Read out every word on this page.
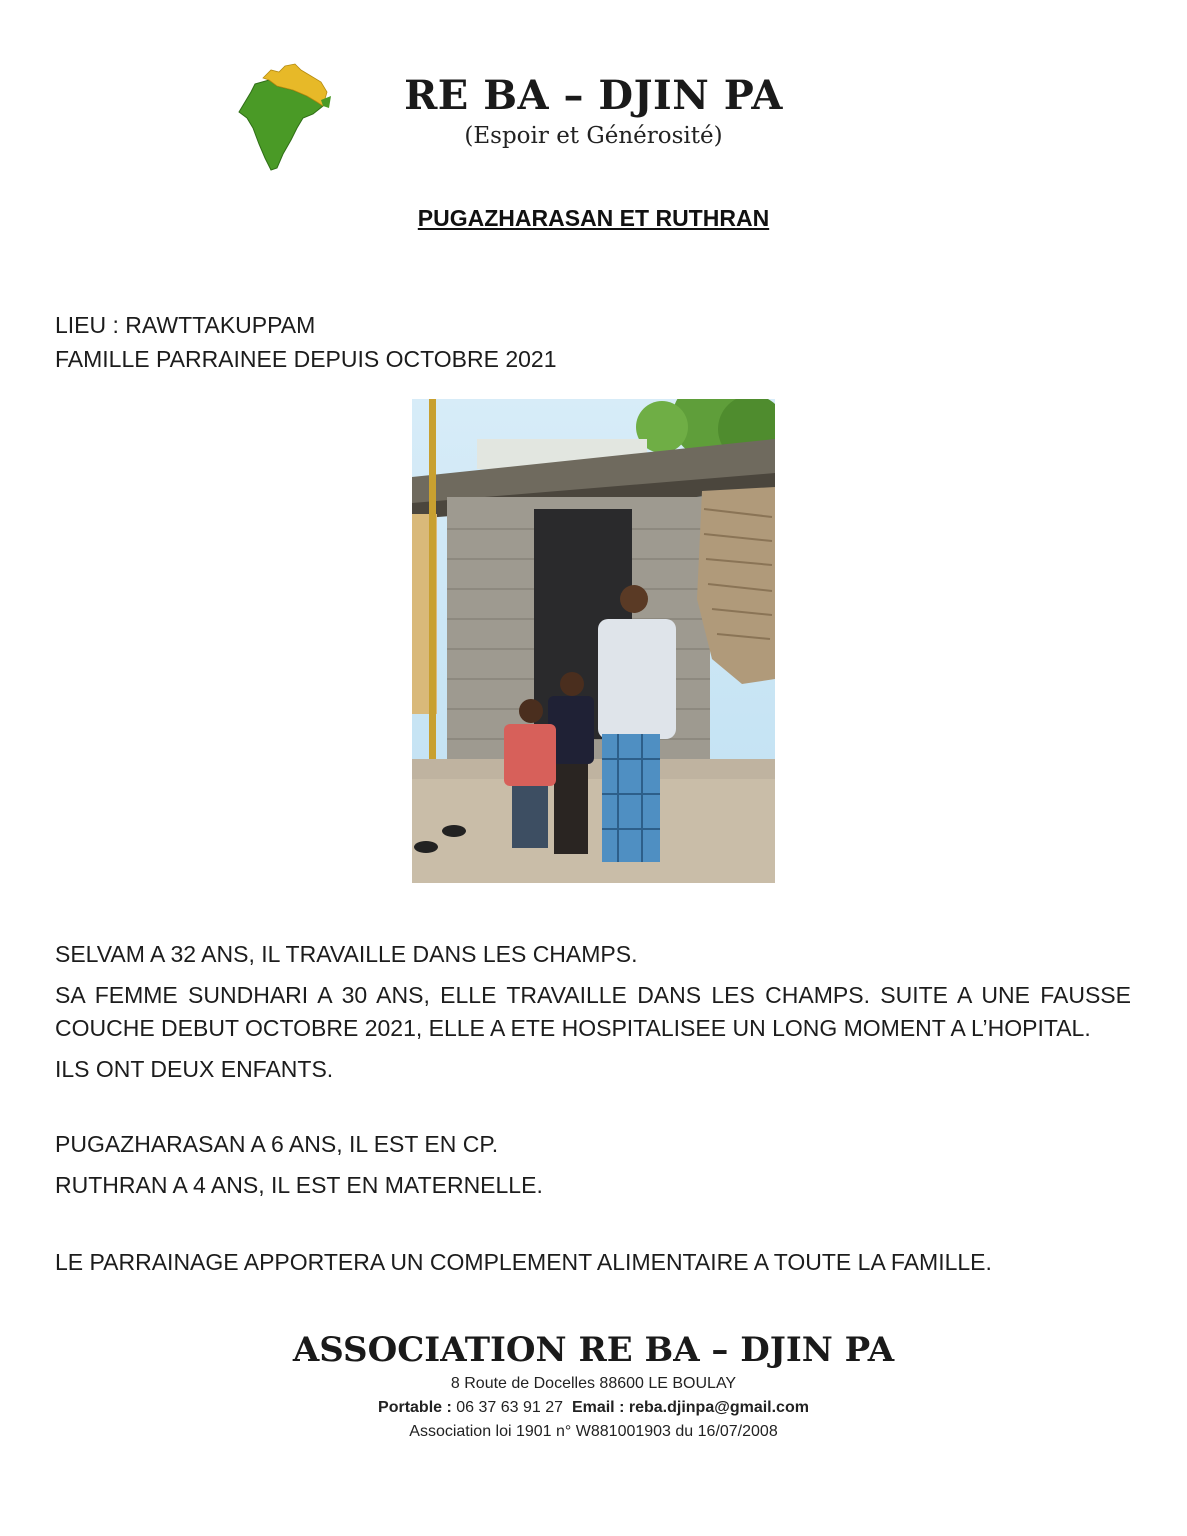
RE BA – DJIN PA
(Espoir et Générosité)
PUGAZHARASAN ET RUTHRAN
LIEU : RAWTTAKUPPAM
FAMILLE PARRAINEE DEPUIS OCTOBRE 2021

SELVAM A 32 ANS, IL TRAVAILLE DANS LES CHAMPS.

SA FEMME SUNDHARI A 30 ANS, ELLE TRAVAILLE DANS LES CHAMPS. SUITE A UNE FAUSSE COUCHE DEBUT OCTOBRE 2021, ELLE A ETE HOSPITALISEE UN LONG MOMENT A L’HOPITAL.

ILS ONT DEUX ENFANTS.

PUGAZHARASAN A 6 ANS, IL EST EN CP.

RUTHRAN A 4 ANS, IL EST EN MATERNELLE.

LE PARRAINAGE APPORTERA UN COMPLEMENT ALIMENTAIRE A TOUTE LA FAMILLE.

ASSOCIATION RE BA – DJIN PA
8 Route de Docelles 88600 LE BOULAY
Portable : 06 37 63 91 27 Email : reba.djinpa@gmail.com
Association loi 1901 n° W881001903 du 16/07/2008
